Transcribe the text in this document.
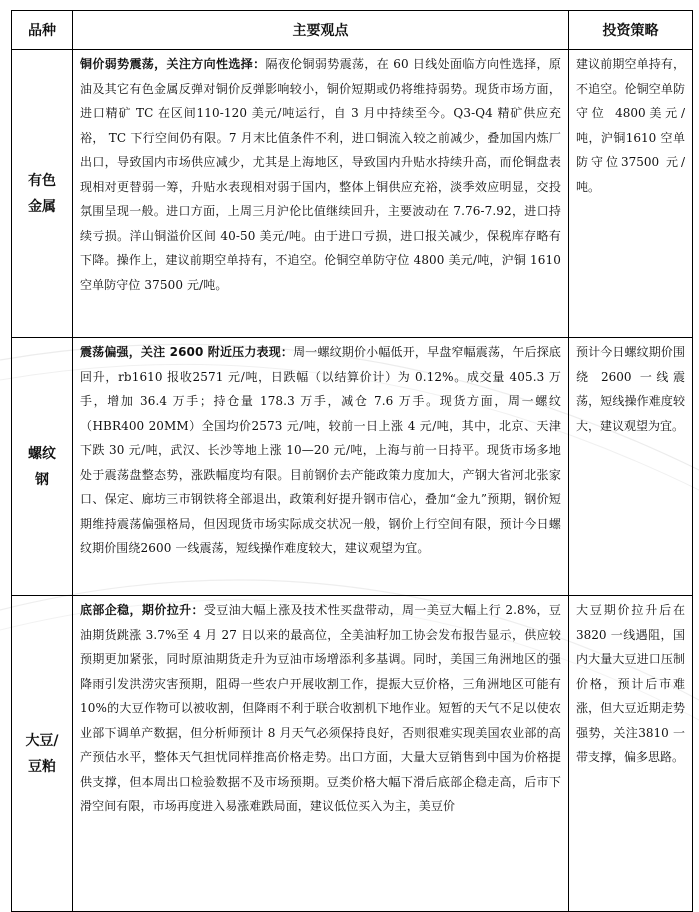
品种	主要观点	投资策略
有色金属	铜价弱势震荡，关注方向性选择：隔夜伦铜弱势震荡，在 60 日线处面临方向性选择，原油及其它有色金属反弹对铜价反弹影响较小，铜价短期或仍将维持弱势。现货市场方面，进口精矿 TC 在区间110-120 美元/吨运行，自 3 月中持续至今。Q3-Q4 精矿供应充裕， TC 下行空间仍有限。7 月末比值条件不利，进口铜流入较之前减少，叠加国内炼厂出口，导致国内市场供应减少，尤其是上海地区，导致国内升贴水持续升高，而伦铜盘表现相对更替弱一筹，升贴水表现相对弱于国内，整体上铜供应充裕，淡季效应明显，交投氛围呈现一般。进口方面，上周三月沪伦比值继续回升，主要波动在 7.76-7.92，进口持续亏损。洋山铜溢价区间 40-50 美元/吨。由于进口亏损，进口报关减少，保税库存略有下降。操作上，建议前期空单持有，不追空。伦铜空单防守位 4800 美元/吨，沪铜 1610 空单防守位 37500 元/吨。	建议前期空单持有，不追空。伦铜空单防守位 4800美元/吨，沪铜1610 空单防守位37500 元/吨。
螺纹钢	震荡偏强，关注 2600 附近压力表现：周一螺纹期价小幅低开，早盘窄幅震荡，午后探底回升，rb1610 报收2571 元/吨，日跌幅（以结算价计）为 0.12%。成交量 405.3 万手，增加 36.4 万手；持仓量 178.3 万手，减仓 7.6 万手。现货方面，周一螺纹（HBR400 20MM）全国均价2573 元/吨，较前一日上涨 4 元/吨，其中，北京、天津下跌 30 元/吨，武汉、长沙等地上涨 10—20 元/吨，上海与前一日持平。现货市场多地处于震荡盘整态势，涨跌幅度均有限。目前钢价去产能政策力度加大，产钢大省河北张家口、保定、廊坊三市钢铁将全部退出，政策利好提升钢市信心，叠加“金九”预期，钢价短期维持震荡偏强格局，但因现货市场实际成交状况一般，钢价上行空间有限，预计今日螺纹期价围绕2600 一线震荡，短线操作难度较大，建议观望为宜。	预计今日螺纹期价围绕 2600 一线震荡，短线操作难度较大，建议观望为宜。
大豆/豆粕	底部企稳，期价拉升：受豆油大幅上涨及技术性买盘带动，周一美豆大幅上行 2.8%，豆油期货跳涨 3.7%至 4 月 27 日以来的最高位，全美油籽加工协会发布报告显示，供应较预期更加紧张，同时原油期货走升为豆油市场增添利多基调。同时，美国三角洲地区的强降雨引发洪涝灾害预期，阻碍一些农户开展收割工作，提振大豆价格，三角洲地区可能有10%的大豆作物可以被收割，但降雨不利于联合收割机下地作业。短暂的天气不足以使农业部下调单产数据，但分析师预计 8 月天气必须保持良好，否则很难实现美国农业部的高产预估水平，整体天气担忧同样推高价格走势。出口方面，大量大豆销售到中国为价格提供支撑，但本周出口检验数据不及市场预期。豆类价格大幅下滑后底部企稳走高，后市下滑空间有限，市场再度进入易涨难跌局面，建议低位买入为主，美豆价	大豆期价拉升后在3820 一线遇阻，国内大量大豆进口压制价格，预计后市难涨，但大豆近期走势强势，关注3810 一带支撑，偏多思路。
